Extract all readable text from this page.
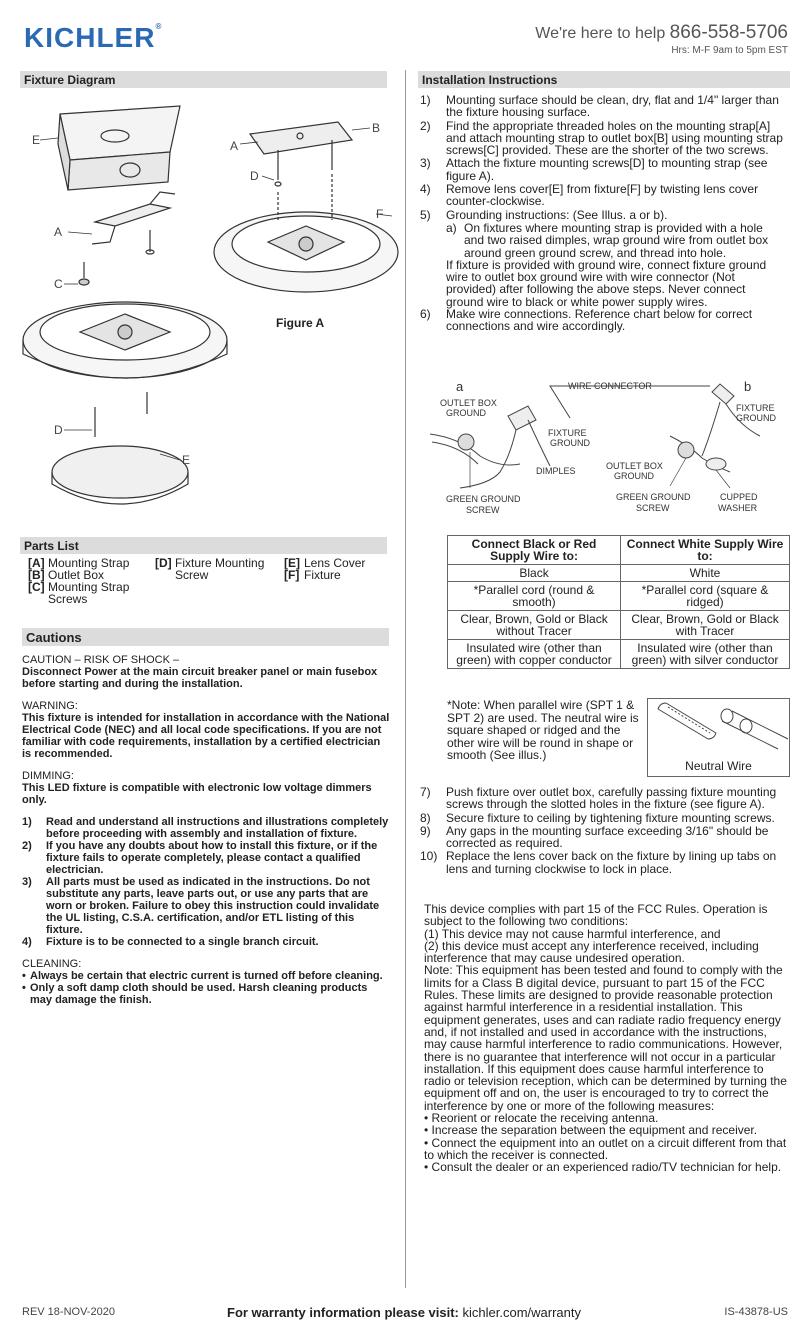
KICHLER®	We're here to help 866-558-5706
Hrs: M-F 9am to 5pm EST
Fixture Diagram	Installation Instructions
E
A
C
D
E
A
B
D
F
Figure A
Parts List
[A] Mounting Strap
[B] Outlet Box
[C] Mounting Strap Screws
[D] Fixture Mounting Screw
[E] Lens Cover
[F] Fixture
Cautions
CAUTION – RISK OF SHOCK –
Disconnect Power at the main circuit breaker panel or main fusebox before starting and during the installation.
WARNING:
This fixture is intended for installation in accordance with the National Electrical Code (NEC) and all local code specifications. If you are not familiar with code requirements, installation by a certified electrician is recommended.
DIMMING:
This LED fixture is compatible with electronic low voltage dimmers only.
1)	Read and understand all instructions and illustrations completely before proceeding with assembly and installation of fixture.
2)	If you have any doubts about how to install this fixture, or if the fixture fails to operate completely, please contact a qualified electrician.
3)	All parts must be used as indicated in the instructions. Do not substitute any parts, leave parts out, or use any parts that are worn or broken. Failure to obey this instruction could invalidate the UL listing, C.S.A. certification, and/or ETL listing of this fixture.
4)	Fixture is to be connected to a single branch circuit.
CLEANING:
• Always be certain that electric current is turned off before cleaning.
• Only a soft damp cloth should be used. Harsh cleaning products may damage the finish.
1)	Mounting surface should be clean, dry, flat and 1/4" larger than the fixture housing surface.
2)	Find the appropriate threaded holes on the mounting strap[A] and attach mounting strap to outlet box[B] using mounting strap screws[C] provided. These are the shorter of the two screws.
3)	Attach the fixture mounting screws[D] to mounting strap (see figure A).
4)	Remove lens cover[E] from fixture[F] by twisting lens cover counter-clockwise.
5)	Grounding instructions: (See Illus. a or b).
a) On fixtures where mounting strap is provided with a hole and two raised dimples, wrap ground wire from outlet box around green ground screw, and thread into hole.
If fixture is provided with ground wire, connect fixture ground wire to outlet box ground wire with wire connector (Not provided) after following the above steps. Never connect ground wire to black or white power supply wires.
6)	Make wire connections. Reference chart below for correct connections and wire accordingly.
a	b
WIRE CONNECTOR
OUTLET BOX
GROUND
FIXTURE
GROUND
DIMPLES
GREEN GROUND
SCREW
FIXTURE
GROUND
OUTLET BOX
GROUND
GREEN GROUND
SCREW
CUPPED
WASHER
Connect Black or Red Supply Wire to:	Connect White Supply Wire to:
Black	White
*Parallel cord (round & smooth)	*Parallel cord (square & ridged)
Clear, Brown, Gold or Black without Tracer	Clear, Brown, Gold or Black with Tracer
Insulated wire (other than green) with copper conductor	Insulated wire (other than green) with silver conductor
*Note: When parallel wire (SPT 1 & SPT 2) are used. The neutral wire is square shaped or ridged and the other wire will be round in shape or smooth (See illus.)
Neutral Wire
7)	Push fixture over outlet box, carefully passing fixture mounting screws through the slotted holes in the fixture (see figure A).
8)	Secure fixture to ceiling by tightening fixture mounting screws.
9)	Any gaps in the mounting surface exceeding 3/16" should be corrected as required.
10) Replace the lens cover back on the fixture by lining up tabs on lens and turning clockwise to lock in place.
This device complies with part 15 of the FCC Rules. Operation is subject to the following two conditions:
(1) This device may not cause harmful interference, and
(2) this device must accept any interference received, including interference that may cause undesired operation.
Note: This equipment has been tested and found to comply with the limits for a Class B digital device, pursuant to part 15 of the FCC Rules. These limits are designed to provide reasonable protection against harmful interference in a residential installation. This equipment generates, uses and can radiate radio frequency energy and, if not installed and used in accordance with the instructions, may cause harmful interference to radio communications. However, there is no guarantee that interference will not occur in a particular installation. If this equipment does cause harmful interference to radio or television reception, which can be determined by turning the equipment off and on, the user is encouraged to try to correct the interference by one or more of the following measures:
• Reorient or relocate the receiving antenna.
• Increase the separation between the equipment and receiver.
• Connect the equipment into an outlet on a circuit different from that to which the receiver is connected.
• Consult the dealer or an experienced radio/TV technician for help.
REV 18-NOV-2020	For warranty information please visit: kichler.com/warranty	IS-43878-US
